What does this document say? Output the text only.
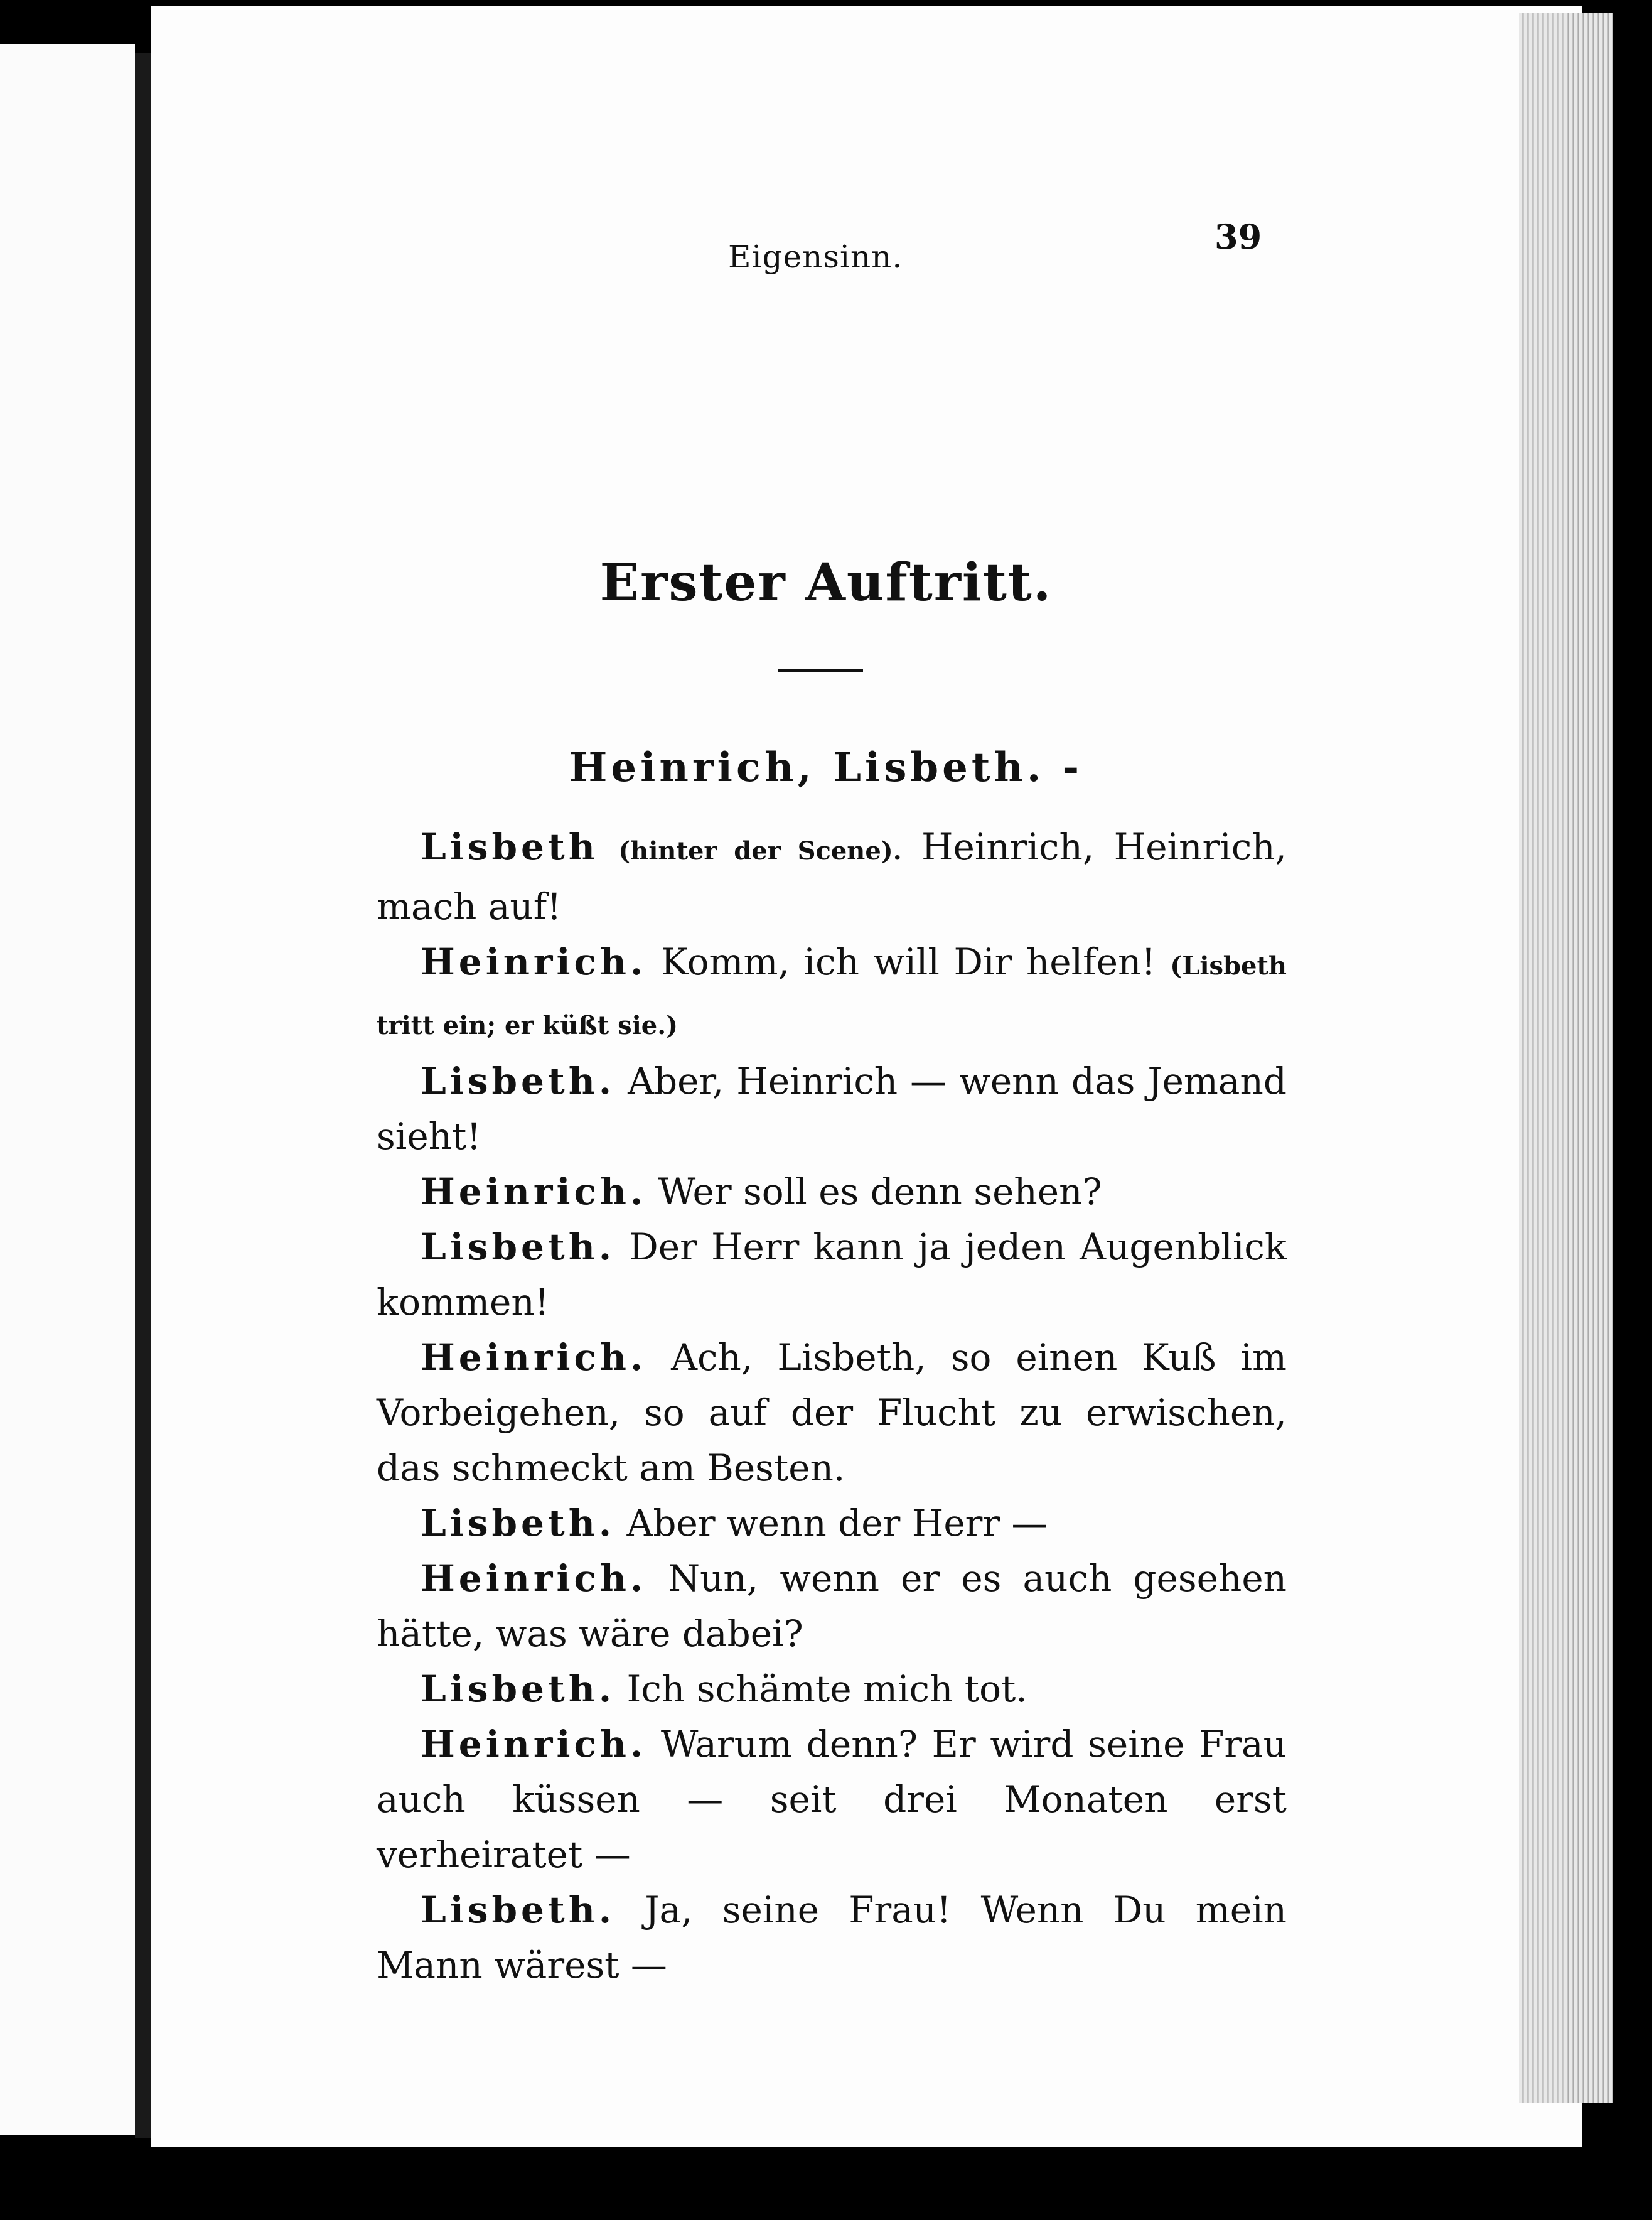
Eigensinn.	39
Erster Auftritt.
Heinrich, Lisbeth. -

Lisbeth (hinter der Scene). Heinrich, Heinrich, mach auf!

Heinrich. Komm, ich will Dir helfen! (Lisbeth tritt ein; er küßt sie.)

Lisbeth. Aber, Heinrich — wenn das Jemand sieht!

Heinrich. Wer soll es denn sehen?

Lisbeth. Der Herr kann ja jeden Augenblick kommen!

Heinrich. Ach, Lisbeth, so einen Kuß im Vorbeigehen, so auf der Flucht zu erwischen, das schmeckt am Besten.

Lisbeth. Aber wenn der Herr —

Heinrich. Nun, wenn er es auch gesehen hätte, was wäre dabei?

Lisbeth. Ich schämte mich tot.

Heinrich. Warum denn? Er wird seine Frau auch küssen — seit drei Monaten erst verheiratet —

Lisbeth. Ja, seine Frau! Wenn Du mein Mann wärest —
